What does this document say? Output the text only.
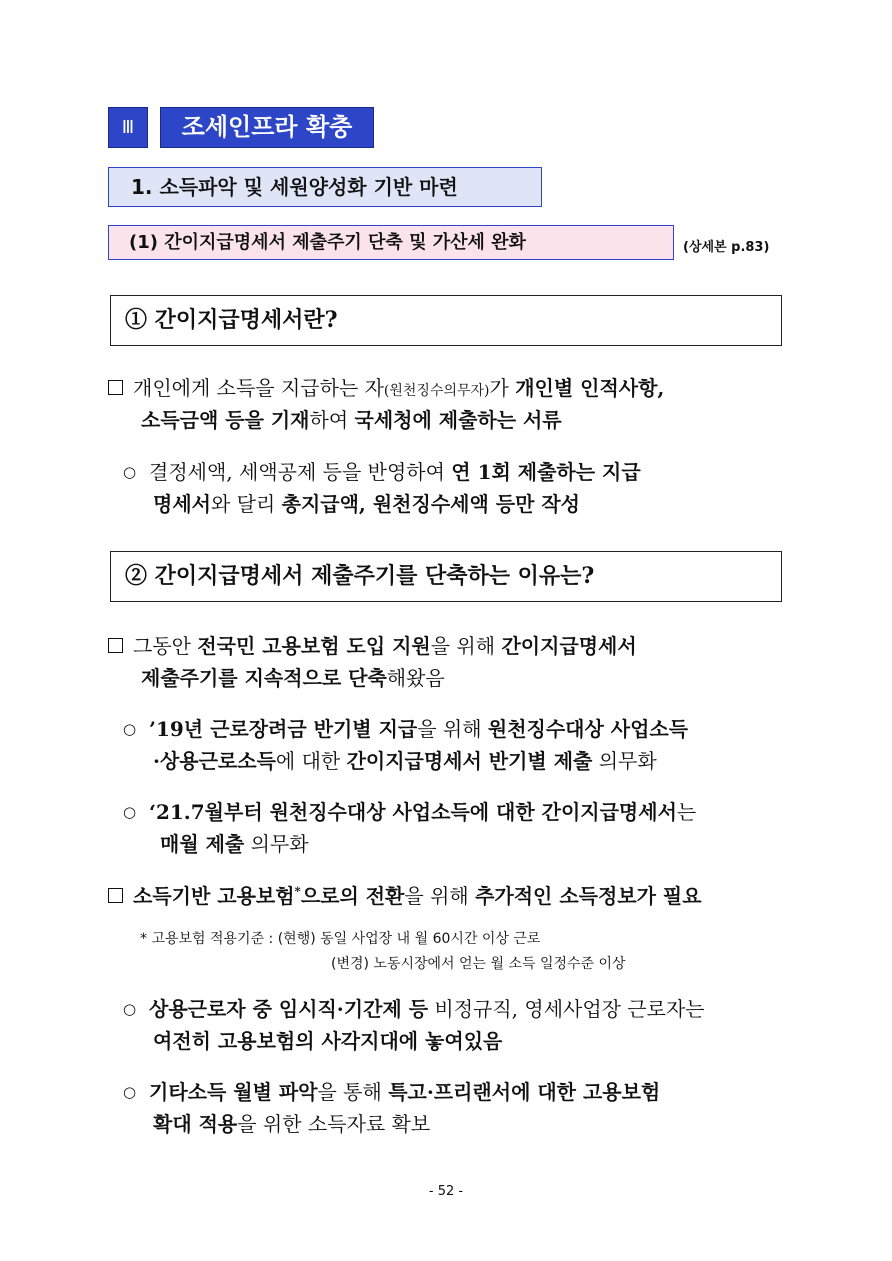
Ⅲ	조세인프라 확충
1. 소득파악 및 세원양성화 기반 마련
(1) 간이지급명세서 제출주기 단축 및 가산세 완화	(상세본 p.83)
① 간이지급명세서란?
개인에게 소득을 지급하는 자(원천징수의무자)가 개인별 인적사항,
소득금액 등을 기재하여 국세청에 제출하는 서류
○ 결정세액, 세액공제 등을 반영하여 연 1회 제출하는 지급
명세서와 달리 총지급액, 원천징수세액 등만 작성
② 간이지급명세서 제출주기를 단축하는 이유는?
그동안 전국민 고용보험 도입 지원을 위해 간이지급명세서
제출주기를 지속적으로 단축해왔음
○ ’19년 근로장려금 반기별 지급을 위해 원천징수대상 사업소득
·상용근로소득에 대한 간이지급명세서 반기별 제출 의무화
○ ‘21.7월부터 원천징수대상 사업소득에 대한 간이지급명세서는
매월 제출 의무화
소득기반 고용보험*으로의 전환을 위해 추가적인 소득정보가 필요
* 고용보험 적용기준 : (현행) 동일 사업장 내 월 60시간 이상 근로
(변경) 노동시장에서 얻는 월 소득 일정수준 이상
○ 상용근로자 중 임시직·기간제 등 비정규직, 영세사업장 근로자는
여전히 고용보험의 사각지대에 놓여있음
○ 기타소득 월별 파악을 통해 특고·프리랜서에 대한 고용보험
확대 적용을 위한 소득자료 확보
- 52 -
